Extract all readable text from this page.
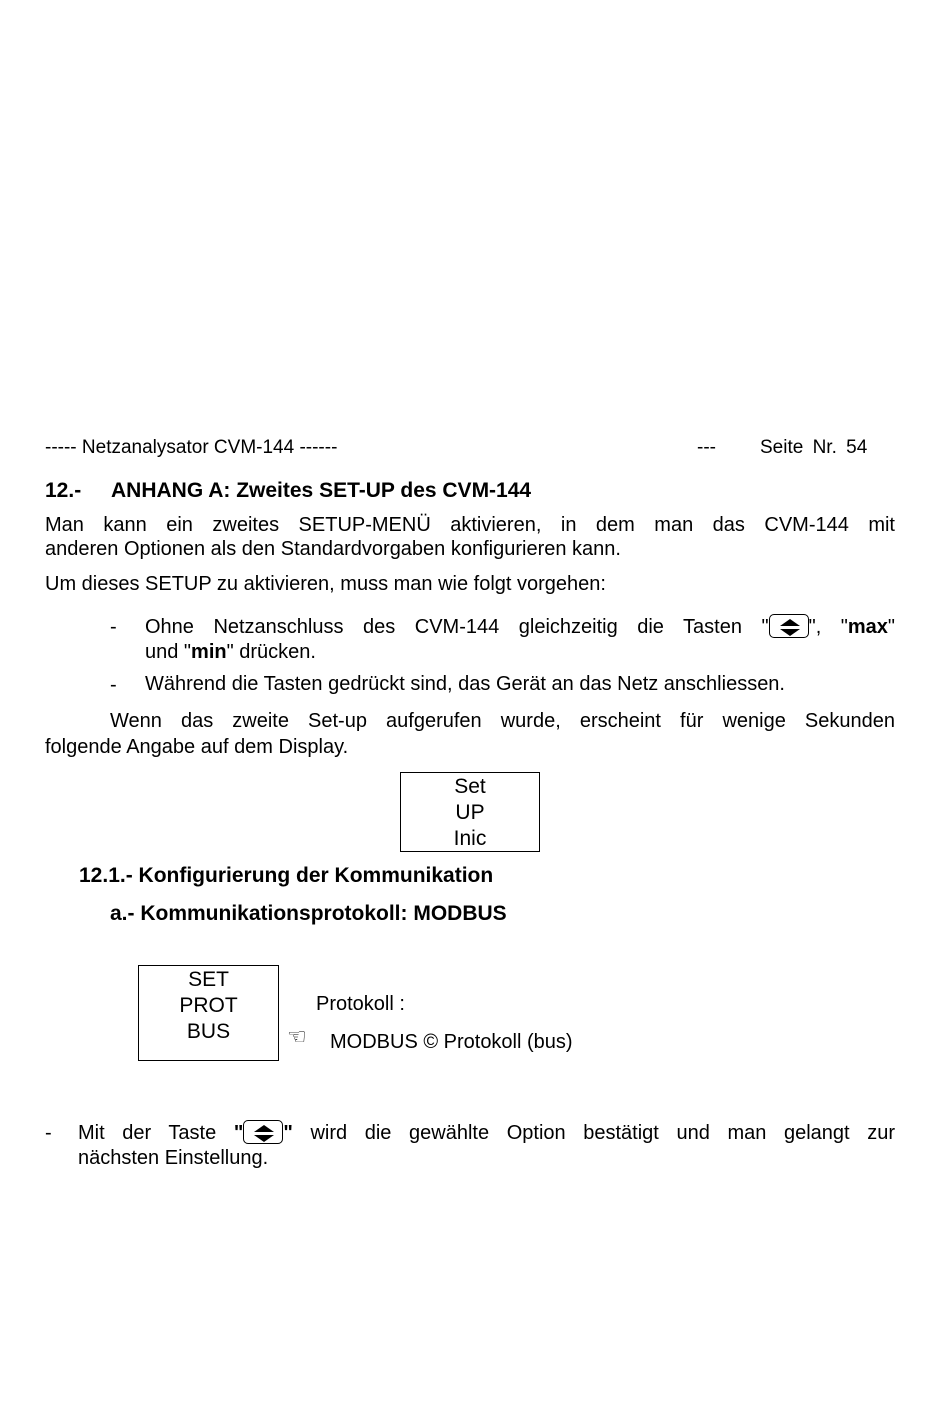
----- Netzanalysator CVM-144 ------	--- Seite Nr. 54
12.- ANHANG A: Zweites SET-UP des CVM-144
Man kann ein zweites SETUP-MENÜ aktivieren, in dem man das CVM-144 mit
anderen Optionen als den Standardvorgaben konfigurieren kann.
Um dieses SETUP zu aktivieren, muss man wie folgt vorgehen:
- Ohne Netzanschluss des CVM-144 gleichzeitig die Tasten " ", "max"
und "min" drücken.
- Während die Tasten gedrückt sind, das Gerät an das Netz anschliessen.
Wenn das zweite Set-up aufgerufen wurde, erscheint für wenige Sekunden
folgende Angabe auf dem Display.
Set
UP
Inic
12.1.- Konfigurierung der Kommunikation
a.- Kommunikationsprotokoll: MODBUS
SET
PROT
BUS
Protokoll :
☜ MODBUS © Protokoll (bus)
- Mit der Taste " " wird die gewählte Option bestätigt und man gelangt zur
nächsten Einstellung.
